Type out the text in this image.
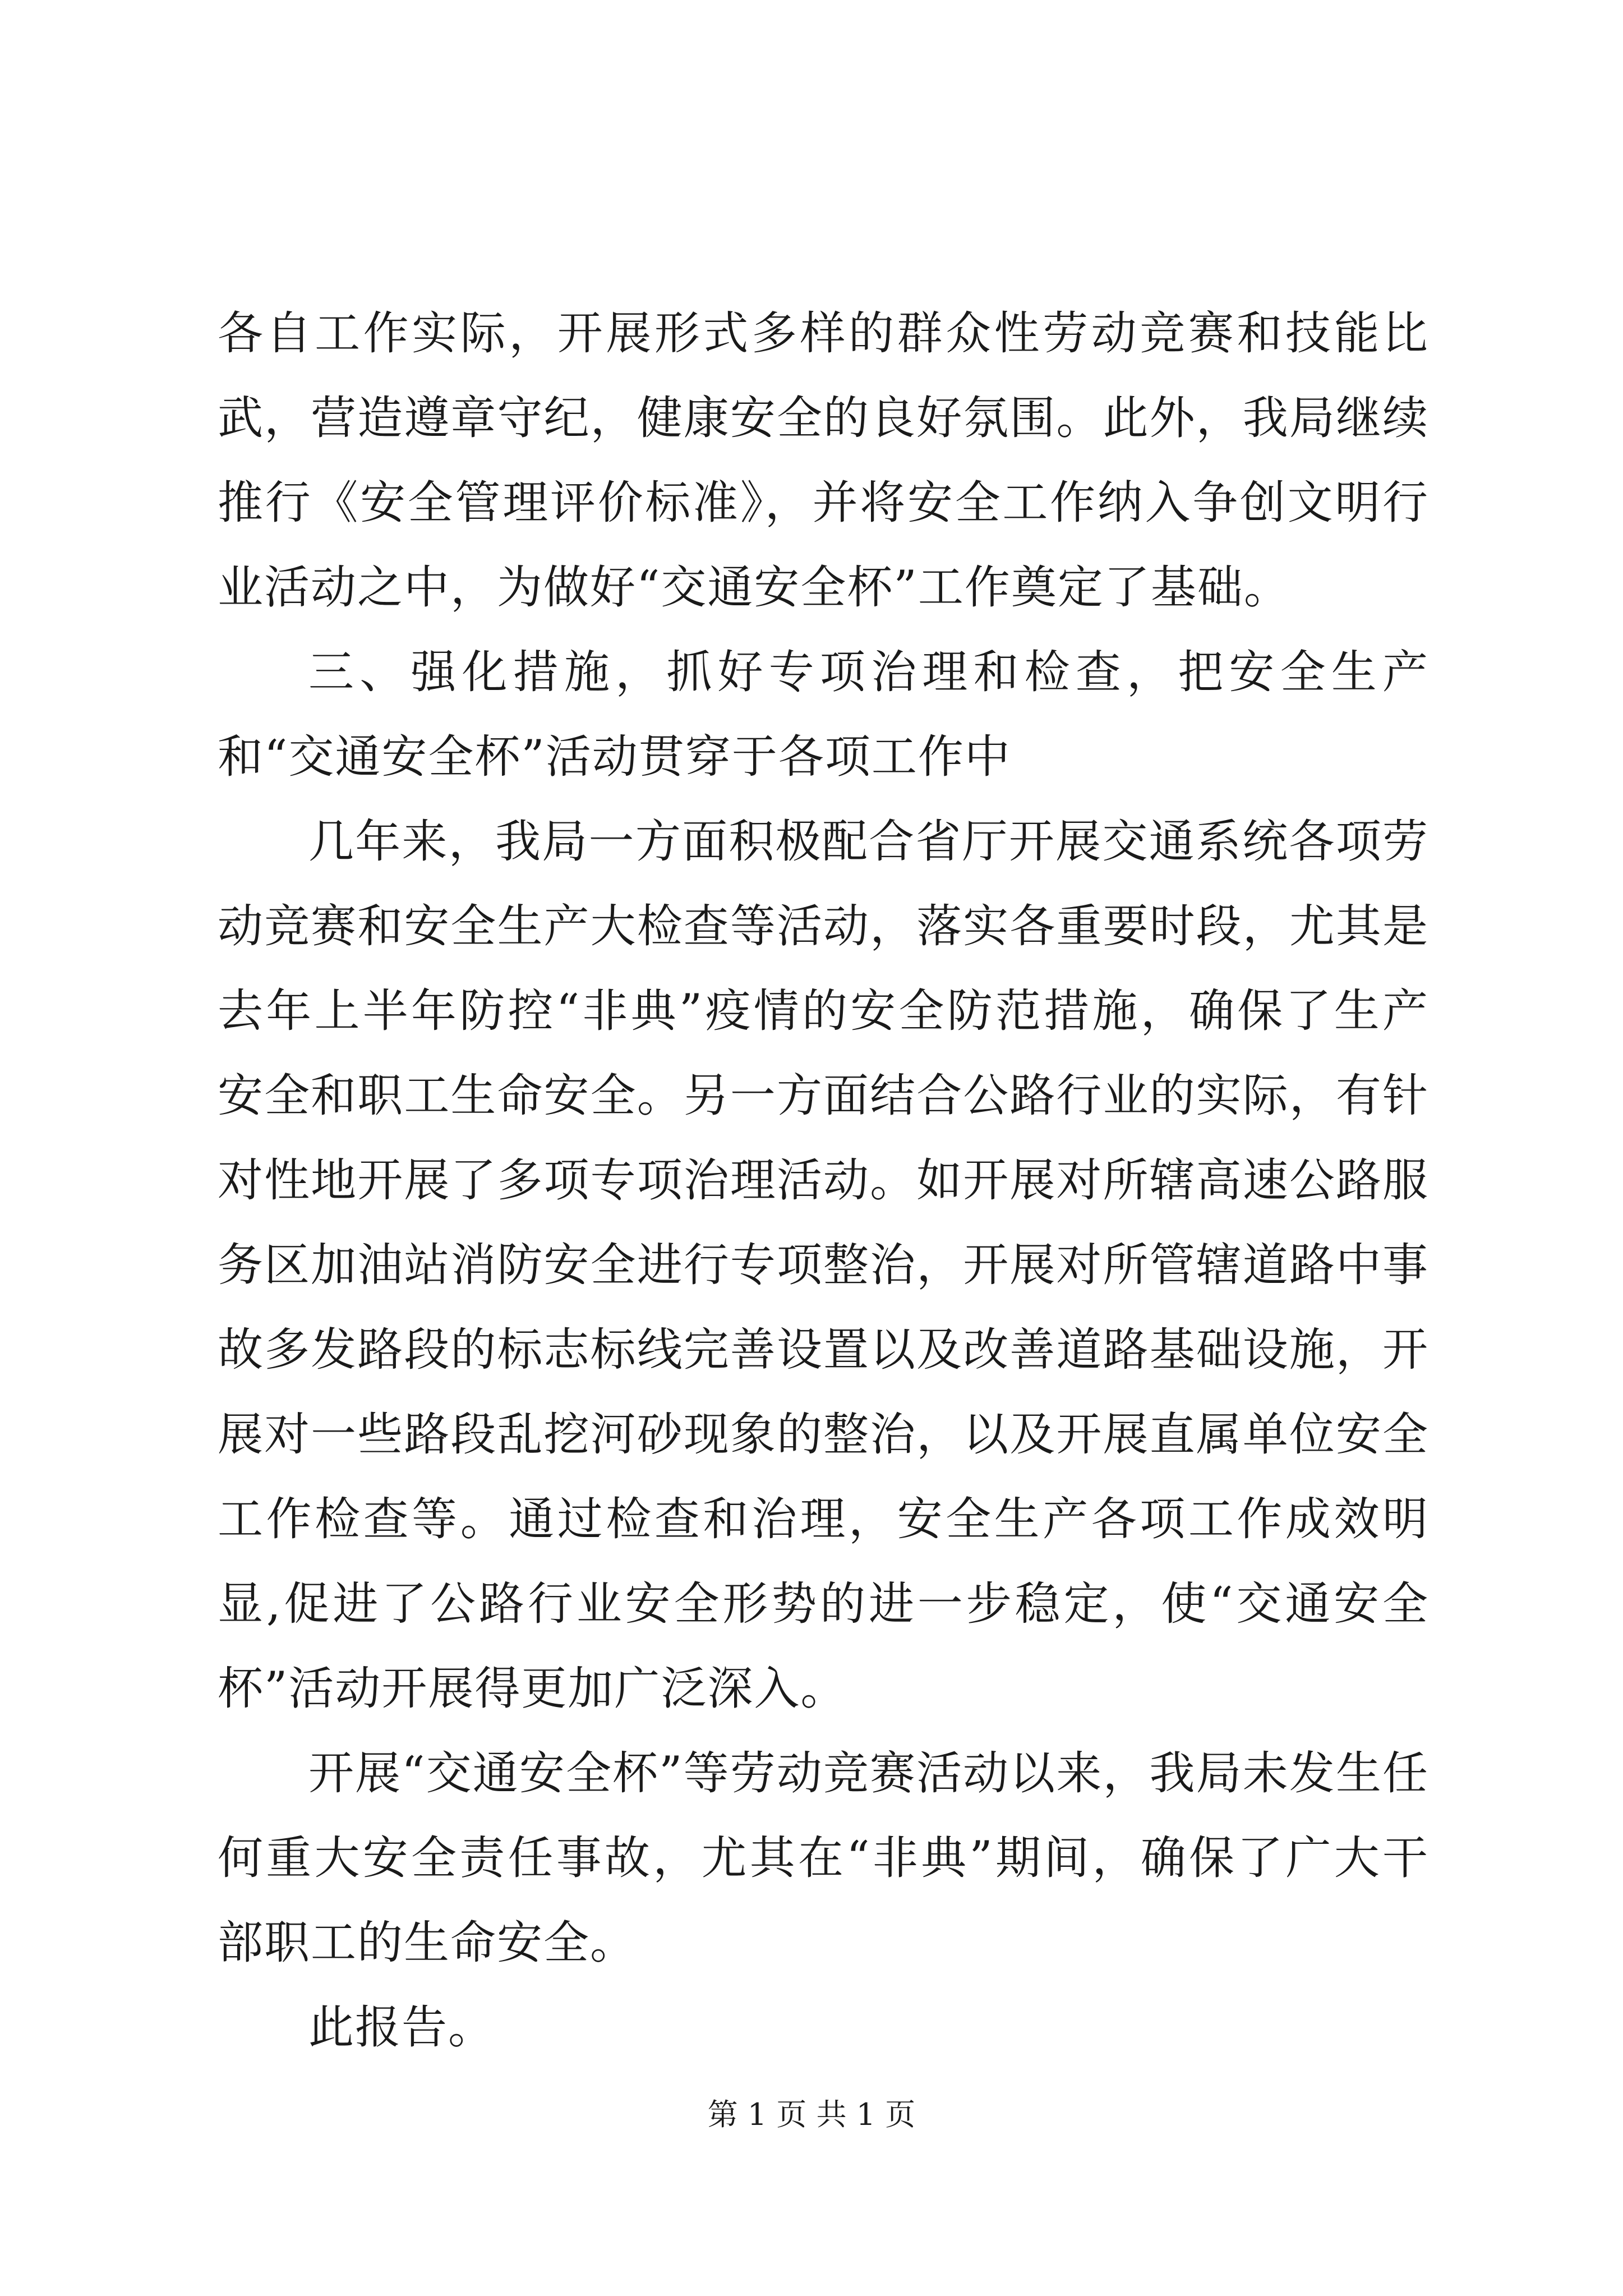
各自工作实际，开展形式多样的群众性劳动竞赛和技能比武，营造遵章守纪，健康安全的良好氛围。此外，我局继续推行《安全管理评价标准》，并将安全工作纳入争创文明行业活动之中，为做好“交通安全杯”工作奠定了基础。

三、强化措施，抓好专项治理和检查，把安全生产和“交通安全杯”活动贯穿于各项工作中

几年来，我局一方面积极配合省厅开展交通系统各项劳动竞赛和安全生产大检查等活动，落实各重要时段，尤其是去年上半年防控“非典”疫情的安全防范措施，确保了生产安全和职工生命安全。另一方面结合公路行业的实际，有针对性地开展了多项专项治理活动。如开展对所辖高速公路服务区加油站消防安全进行专项整治，开展对所管辖道路中事故多发路段的标志标线完善设置以及改善道路基础设施，开展对一些路段乱挖河砂现象的整治，以及开展直属单位安全工作检查等。通过检查和治理，安全生产各项工作成效明显,促进了公路行业安全形势的进一步稳定，使“交通安全杯”活动开展得更加广泛深入。

开展“交通安全杯”等劳动竞赛活动以来，我局未发生任何重大安全责任事故，尤其在“非典”期间，确保了广大干部职工的生命安全。

此报告。

第 1 页 共 1 页
